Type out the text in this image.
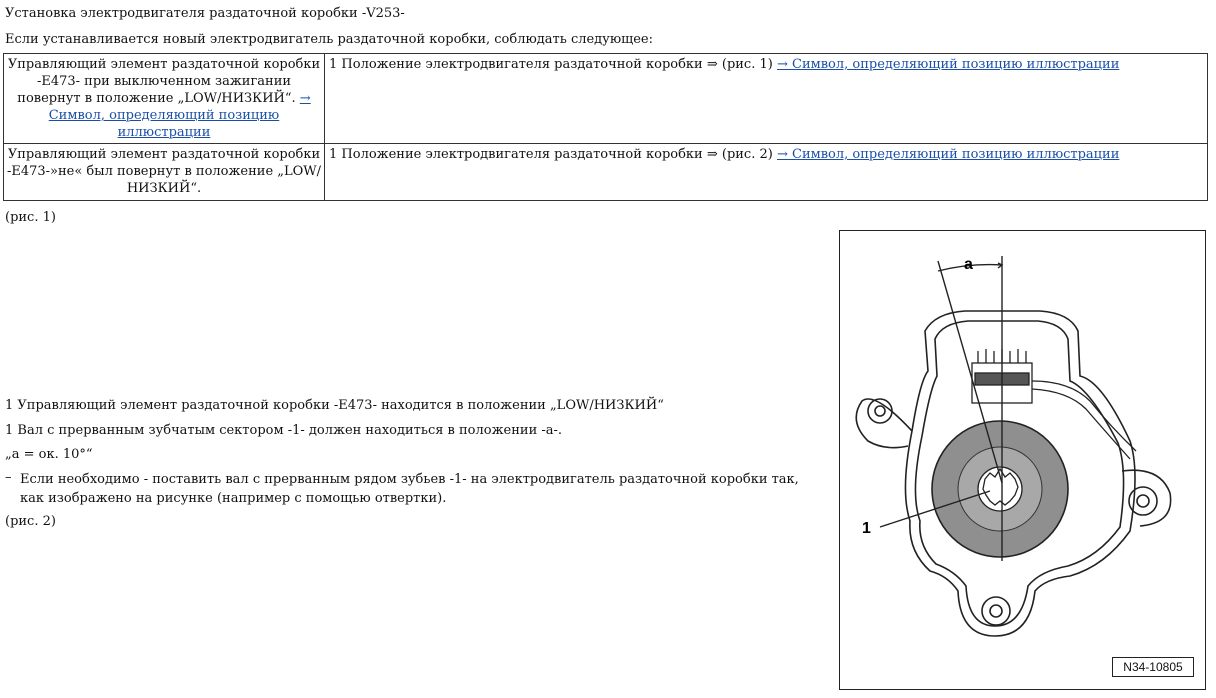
Установка электродвигателя раздаточной коробки -V253-
Если устанавливается новый электродвигатель раздаточной коробки, соблюдать следующее:
Управляющий элемент раздаточной коробки -E473- при выключенном зажигании повернут в положение „LOW/НИЗКИЙ“. → Символ, определяющий позицию иллюстрации	1 Положение электродвигателя раздаточной коробки ⇒ (рис. 1) → Символ, определяющий позицию иллюстрации
Управляющий элемент раздаточной коробки -E473-»не« был повернут в положение „LOW/НИЗКИЙ“.	1 Положение электродвигателя раздаточной коробки ⇒ (рис. 2) → Символ, определяющий позицию иллюстрации
(рис. 1)
1 Управляющий элемент раздаточной коробки -E473- находится в положении „LOW/НИЗКИЙ“
1 Вал с прерванным зубчатым сектором -1- должен находиться в положении -a-.
„a = ок. 10°“
– Если необходимо - поставить вал с прерванным рядом зубьев -1- на электродвигатель раздаточной коробки так, как изображено на рисунке (например с помощью отвертки).
(рис. 2)
a
1
N34-10805
